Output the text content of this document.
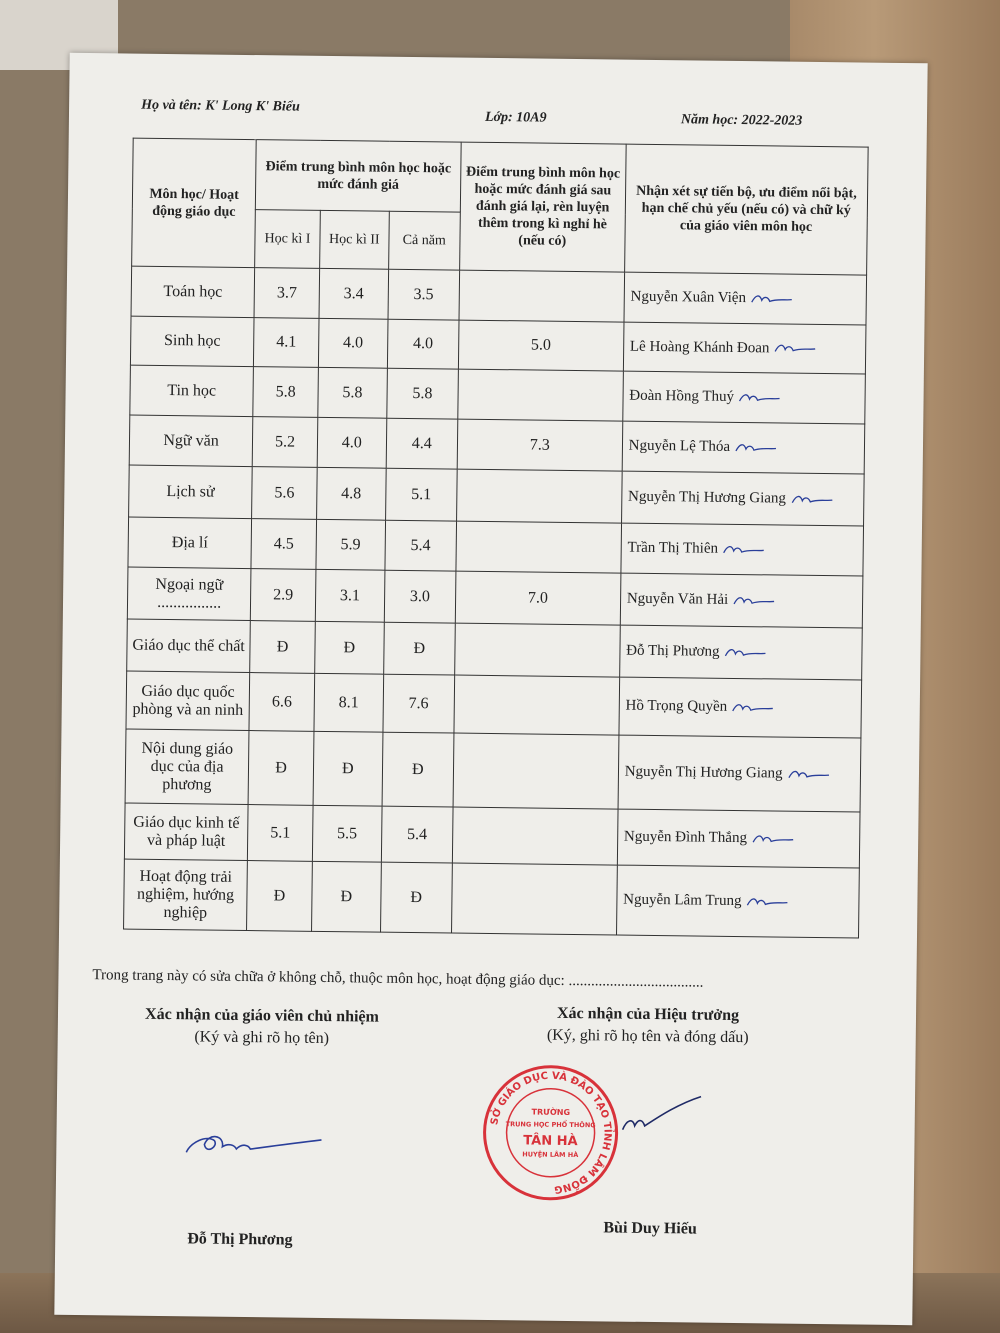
Họ và tên: K' Long K' Biểu
Lớp: 10A9	Năm học: 2022-2023
Môn học/ Hoạt động giáo dục	Điểm trung bình môn học hoặc mức đánh giá			Điểm trung bình môn học hoặc mức đánh giá sau đánh giá lại, rèn luyện thêm trong kì nghỉ hè (nếu có)	Nhận xét sự tiến bộ, ưu điểm nổi bật, hạn chế chủ yếu (nếu có) và chữ ký của giáo viên môn học
	Học kì I	Học kì II	Cả năm		
Toán học	3.7	3.4	3.5		Nguyễn Xuân Viện
Sinh học	4.1	4.0	4.0	5.0	Lê Hoàng Khánh Đoan
Tin học	5.8	5.8	5.8		Đoàn Hồng Thuý
Ngữ văn	5.2	4.0	4.4	7.3	Nguyễn Lệ Thóa
Lịch sử	5.6	4.8	5.1		Nguyễn Thị Hương Giang
Địa lí	4.5	5.9	5.4		Trần Thị Thiên
Ngoại ngữ ................	2.9	3.1	3.0	7.0	Nguyễn Văn Hải
Giáo dục thể chất	Đ	Đ	Đ		Đỗ Thị Phương
Giáo dục quốc phòng và an ninh	6.6	8.1	7.6		Hồ Trọng Quyền
Nội dung giáo dục của địa phương	Đ	Đ	Đ		Nguyễn Thị Hương Giang
Giáo dục kinh tế và pháp luật	5.1	5.5	5.4		Nguyễn Đình Thắng
Hoạt động trải nghiệm, hướng nghiệp	Đ	Đ	Đ		Nguyễn Lâm Trung
Trong trang này có sửa chữa ở không chỗ, thuộc môn học, hoạt động giáo dục: ....................................
Xác nhận của giáo viên chủ nhiệm
(Ký và ghi rõ họ tên)
Xác nhận của Hiệu trưởng
(Ký, ghi rõ họ tên và đóng dấu)
SỞ GIÁO DỤC VÀ ĐÀO TẠO TỈNH LÂM ĐỒNG
TRƯỜNG
TRUNG HỌC PHỔ THÔNG
TÂN HÀ
HUYỆN LÂM HÀ
Đỗ Thị Phương
Bùi Duy Hiếu
